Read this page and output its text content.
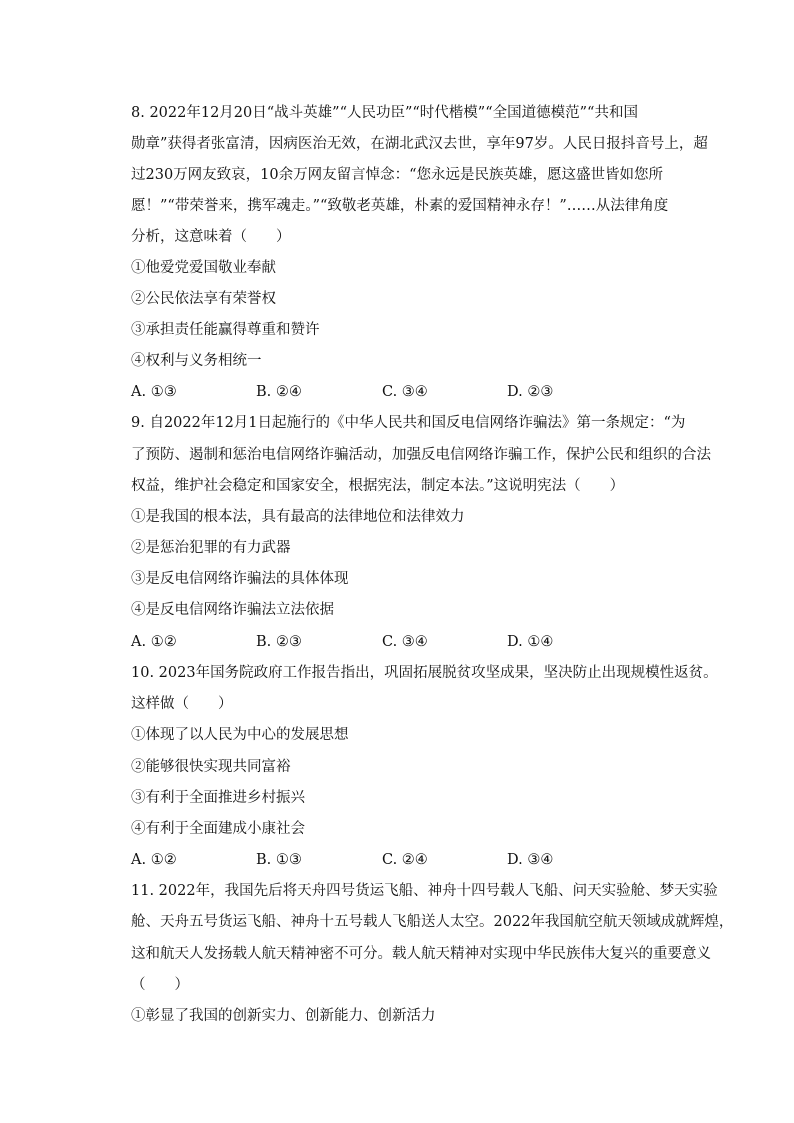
8. 2022年12月20日“战斗英雄”“人民功臣”“时代楷模”“全国道德模范”“共和国
勋章”获得者张富清，因病医治无效，在湖北武汉去世，享年97岁。人民日报抖音号上，超
过230万网友致哀，10余万网友留言悼念：“您永远是民族英雄，愿这盛世皆如您所
愿！”“带荣誉来，携军魂走。”“致敬老英雄，朴素的爱国精神永存！”……从法律角度
分析，这意味着（　　）
①他爱党爱国敬业奉献
②公民依法享有荣誉权
③承担责任能赢得尊重和赞许
④权利与义务相统一
A. ①③	B. ②④	C. ③④	D. ②③
9. 自2022年12月1日起施行的《中华人民共和国反电信网络诈骗法》第一条规定：“为
了预防、遏制和惩治电信网络诈骗活动，加强反电信网络诈骗工作，保护公民和组织的合法
权益，维护社会稳定和国家安全，根据宪法，制定本法。”这说明宪法（　　）
①是我国的根本法，具有最高的法律地位和法律效力
②是惩治犯罪的有力武器
③是反电信网络诈骗法的具体体现
④是反电信网络诈骗法立法依据
A. ①②	B. ②③	C. ③④	D. ①④
10. 2023年国务院政府工作报告指出，巩固拓展脱贫攻坚成果，坚决防止出现规模性返贫。
这样做（　　）
①体现了以人民为中心的发展思想
②能够很快实现共同富裕
③有利于全面推进乡村振兴
④有利于全面建成小康社会
A. ①②	B. ①③	C. ②④	D. ③④
11. 2022年，我国先后将天舟四号货运飞船、神舟十四号载人飞船、问天实验舱、梦天实验
舱、天舟五号货运飞船、神舟十五号载人飞船送人太空。2022年我国航空航天领域成就辉煌，
这和航天人发扬载人航天精神密不可分。载人航天精神对实现中华民族伟大复兴的重要意义
（　　）
①彰显了我国的创新实力、创新能力、创新活力
